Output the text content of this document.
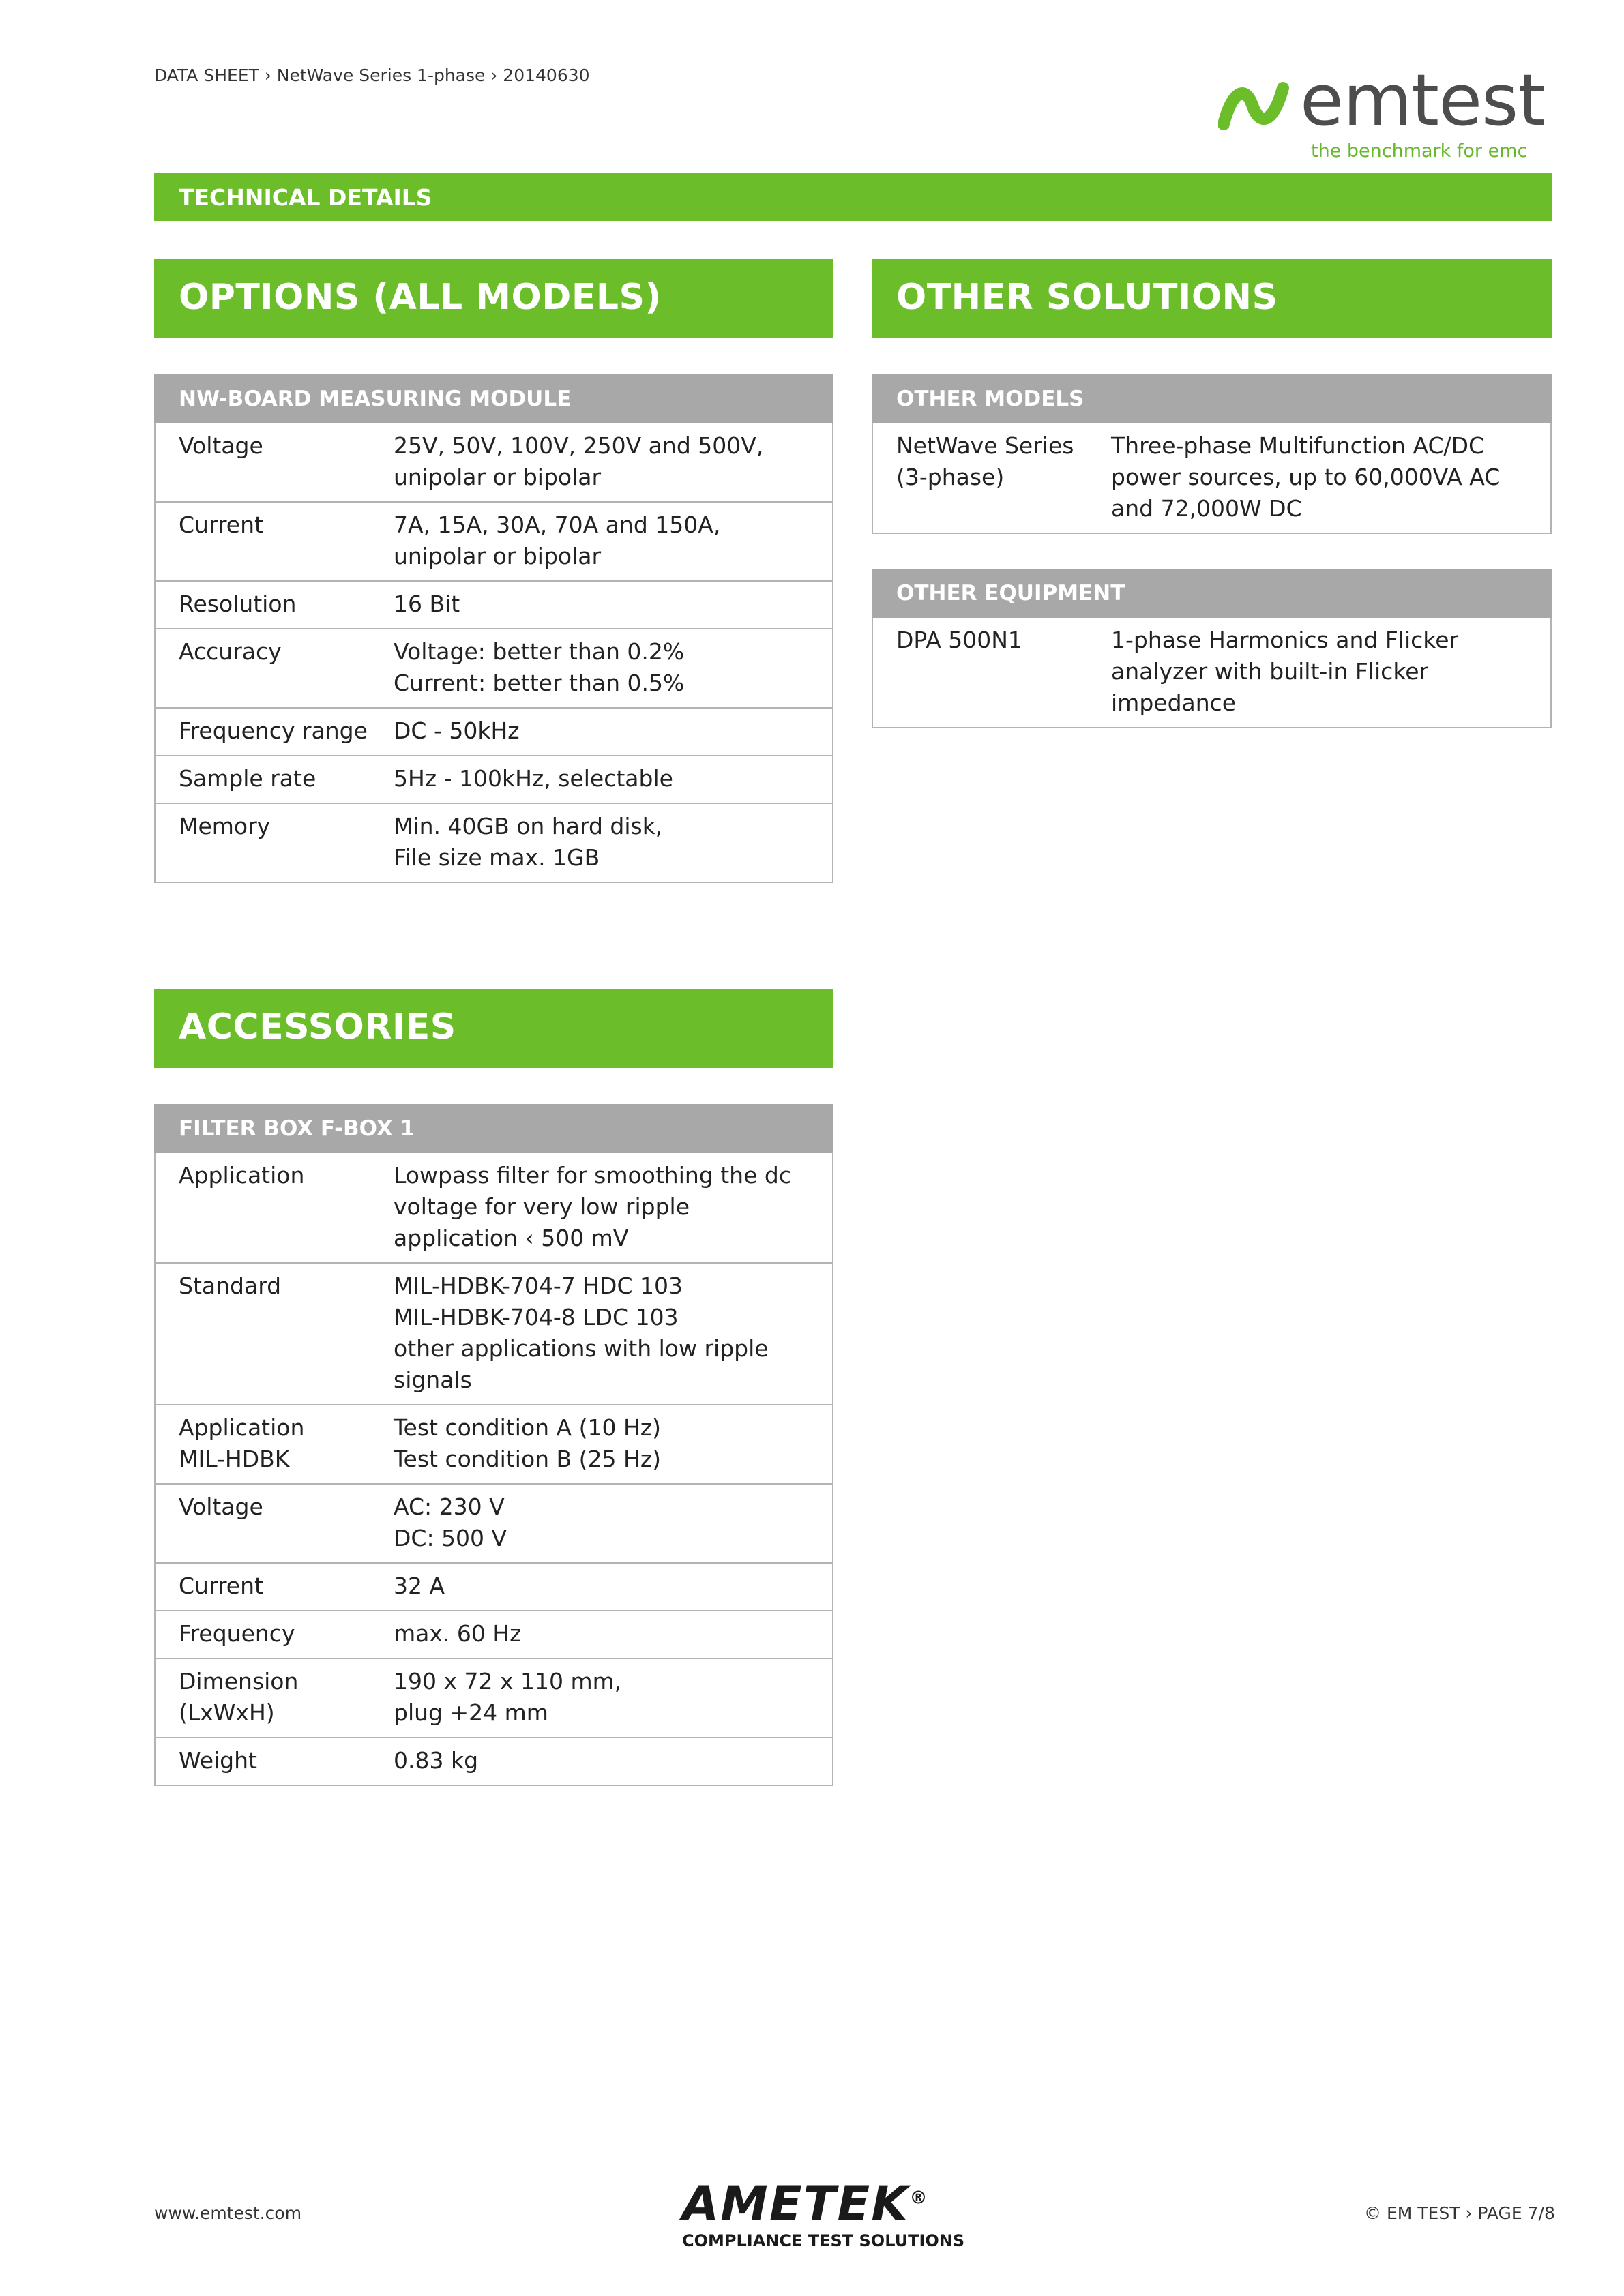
DATA SHEET › NetWave Series 1-phase › 20140630	emtest
the benchmark for emc
TECHNICAL DETAILS
OPTIONS (ALL MODELS)
NW-BOARD MEASURING MODULE	
Voltage	25V, 50V, 100V, 250V and 500V,
unipolar or bipolar
Current	7A, 15A, 30A, 70A and 150A,
unipolar or bipolar
Resolution	16 Bit
Accuracy	Voltage: better than 0.2%
Current: better than 0.5%
Frequency range	DC - 50kHz
Sample rate	5Hz - 100kHz, selectable
Memory	Min. 40GB on hard disk,
File size max. 1GB
OTHER SOLUTIONS
OTHER MODELS
NetWave Series
(3-phase)	Three-phase Multifunction AC/DC
power sources, up to 60,000VA AC
and 72,000W DC
OTHER EQUIPMENT
DPA 500N1	1-phase Harmonics and Flicker
analyzer with built-in Flicker
impedance
ACCESSORIES
FILTER BOX F-BOX 1	
Application	Lowpass filter for smoothing the dc
voltage for very low ripple
application ‹ 500 mV
Standard	MIL-HDBK-704-7 HDC 103
MIL-HDBK-704-8 LDC 103
other applications with low ripple
signals
Application
MIL-HDBK	Test condition A (10 Hz)
Test condition B (25 Hz)
Voltage	AC: 230 V
DC: 500 V
Current	32 A
Frequency	max. 60 Hz
Dimension
(LxWxH)	190 x 72 x 110 mm,
plug +24 mm
Weight	0.83 kg
www.emtest.com	AMETEK®
COMPLIANCE TEST SOLUTIONS
© EM TEST › PAGE 7/8
